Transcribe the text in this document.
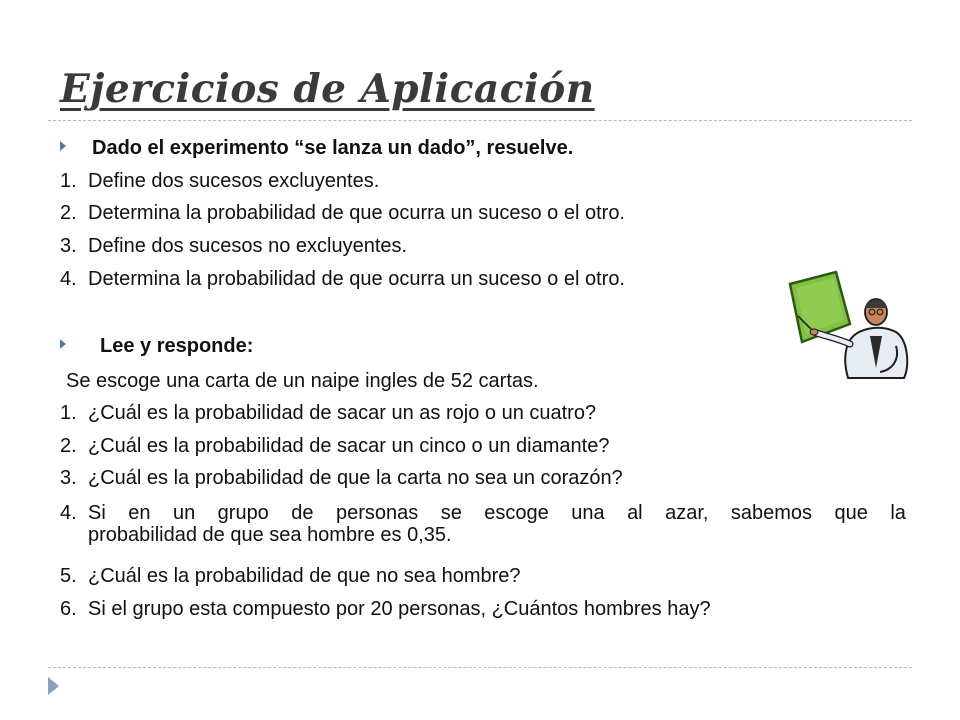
Ejercicios de Aplicación
Dado el experimento “se lanza un dado”, resuelve.
1. Define dos sucesos excluyentes.
2. Determina la probabilidad de que ocurra un suceso o el otro.
3. Define dos sucesos no excluyentes.
4. Determina la probabilidad de que ocurra un suceso o el otro.
Lee y responde:
Se escoge una carta de un naipe ingles de 52 cartas.
1. ¿Cuál es la probabilidad de sacar un as rojo o un cuatro?
2. ¿Cuál es la probabilidad de sacar un cinco o un diamante?
3. ¿Cuál es la probabilidad de que la carta no sea un corazón?
4. Si en un grupo de personas se escoge una al azar, sabemos que la
probabilidad de que sea hombre es 0,35.
5. ¿Cuál es la probabilidad de que no sea hombre?
6. Si el grupo esta compuesto por 20 personas, ¿Cuántos hombres hay?
